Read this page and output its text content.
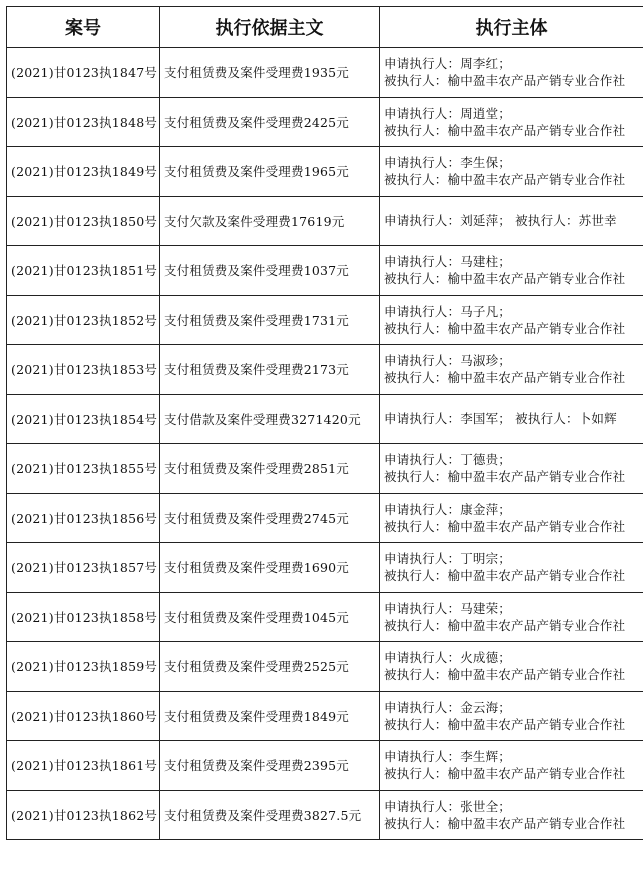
案号	执行依据主文	执行主体
(2021)甘0123执1847号	支付租赁费及案件受理费1935元	申请执行人：周李红；
被执行人：榆中盈丰农产品产销专业合作社

(2021)甘0123执1848号	支付租赁费及案件受理费2425元	申请执行人：周逍堂；
被执行人：榆中盈丰农产品产销专业合作社

(2021)甘0123执1849号	支付租赁费及案件受理费1965元	申请执行人：李生保；
被执行人：榆中盈丰农产品产销专业合作社

(2021)甘0123执1850号	支付欠款及案件受理费17619元	申请执行人：刘延萍； 被执行人：苏世幸

(2021)甘0123执1851号	支付租赁费及案件受理费1037元	申请执行人：马建柱；
被执行人：榆中盈丰农产品产销专业合作社

(2021)甘0123执1852号	支付租赁费及案件受理费1731元	申请执行人：马子凡；
被执行人：榆中盈丰农产品产销专业合作社

(2021)甘0123执1853号	支付租赁费及案件受理费2173元	申请执行人：马淑珍；
被执行人：榆中盈丰农产品产销专业合作社

(2021)甘0123执1854号	支付借款及案件受理费3271420元	申请执行人：李国军； 被执行人：卜如辉

(2021)甘0123执1855号	支付租赁费及案件受理费2851元	申请执行人：丁德贵；
被执行人：榆中盈丰农产品产销专业合作社

(2021)甘0123执1856号	支付租赁费及案件受理费2745元	申请执行人：康金萍；
被执行人：榆中盈丰农产品产销专业合作社

(2021)甘0123执1857号	支付租赁费及案件受理费1690元	申请执行人：丁明宗；
被执行人：榆中盈丰农产品产销专业合作社

(2021)甘0123执1858号	支付租赁费及案件受理费1045元	申请执行人：马建荣；
被执行人：榆中盈丰农产品产销专业合作社

(2021)甘0123执1859号	支付租赁费及案件受理费2525元	申请执行人：火成德；
被执行人：榆中盈丰农产品产销专业合作社

(2021)甘0123执1860号	支付租赁费及案件受理费1849元	申请执行人：金云海；
被执行人：榆中盈丰农产品产销专业合作社

(2021)甘0123执1861号	支付租赁费及案件受理费2395元	申请执行人：李生辉；
被执行人：榆中盈丰农产品产销专业合作社

(2021)甘0123执1862号	支付租赁费及案件受理费3827.5元	申请执行人：张世全；
被执行人：榆中盈丰农产品产销专业合作社
